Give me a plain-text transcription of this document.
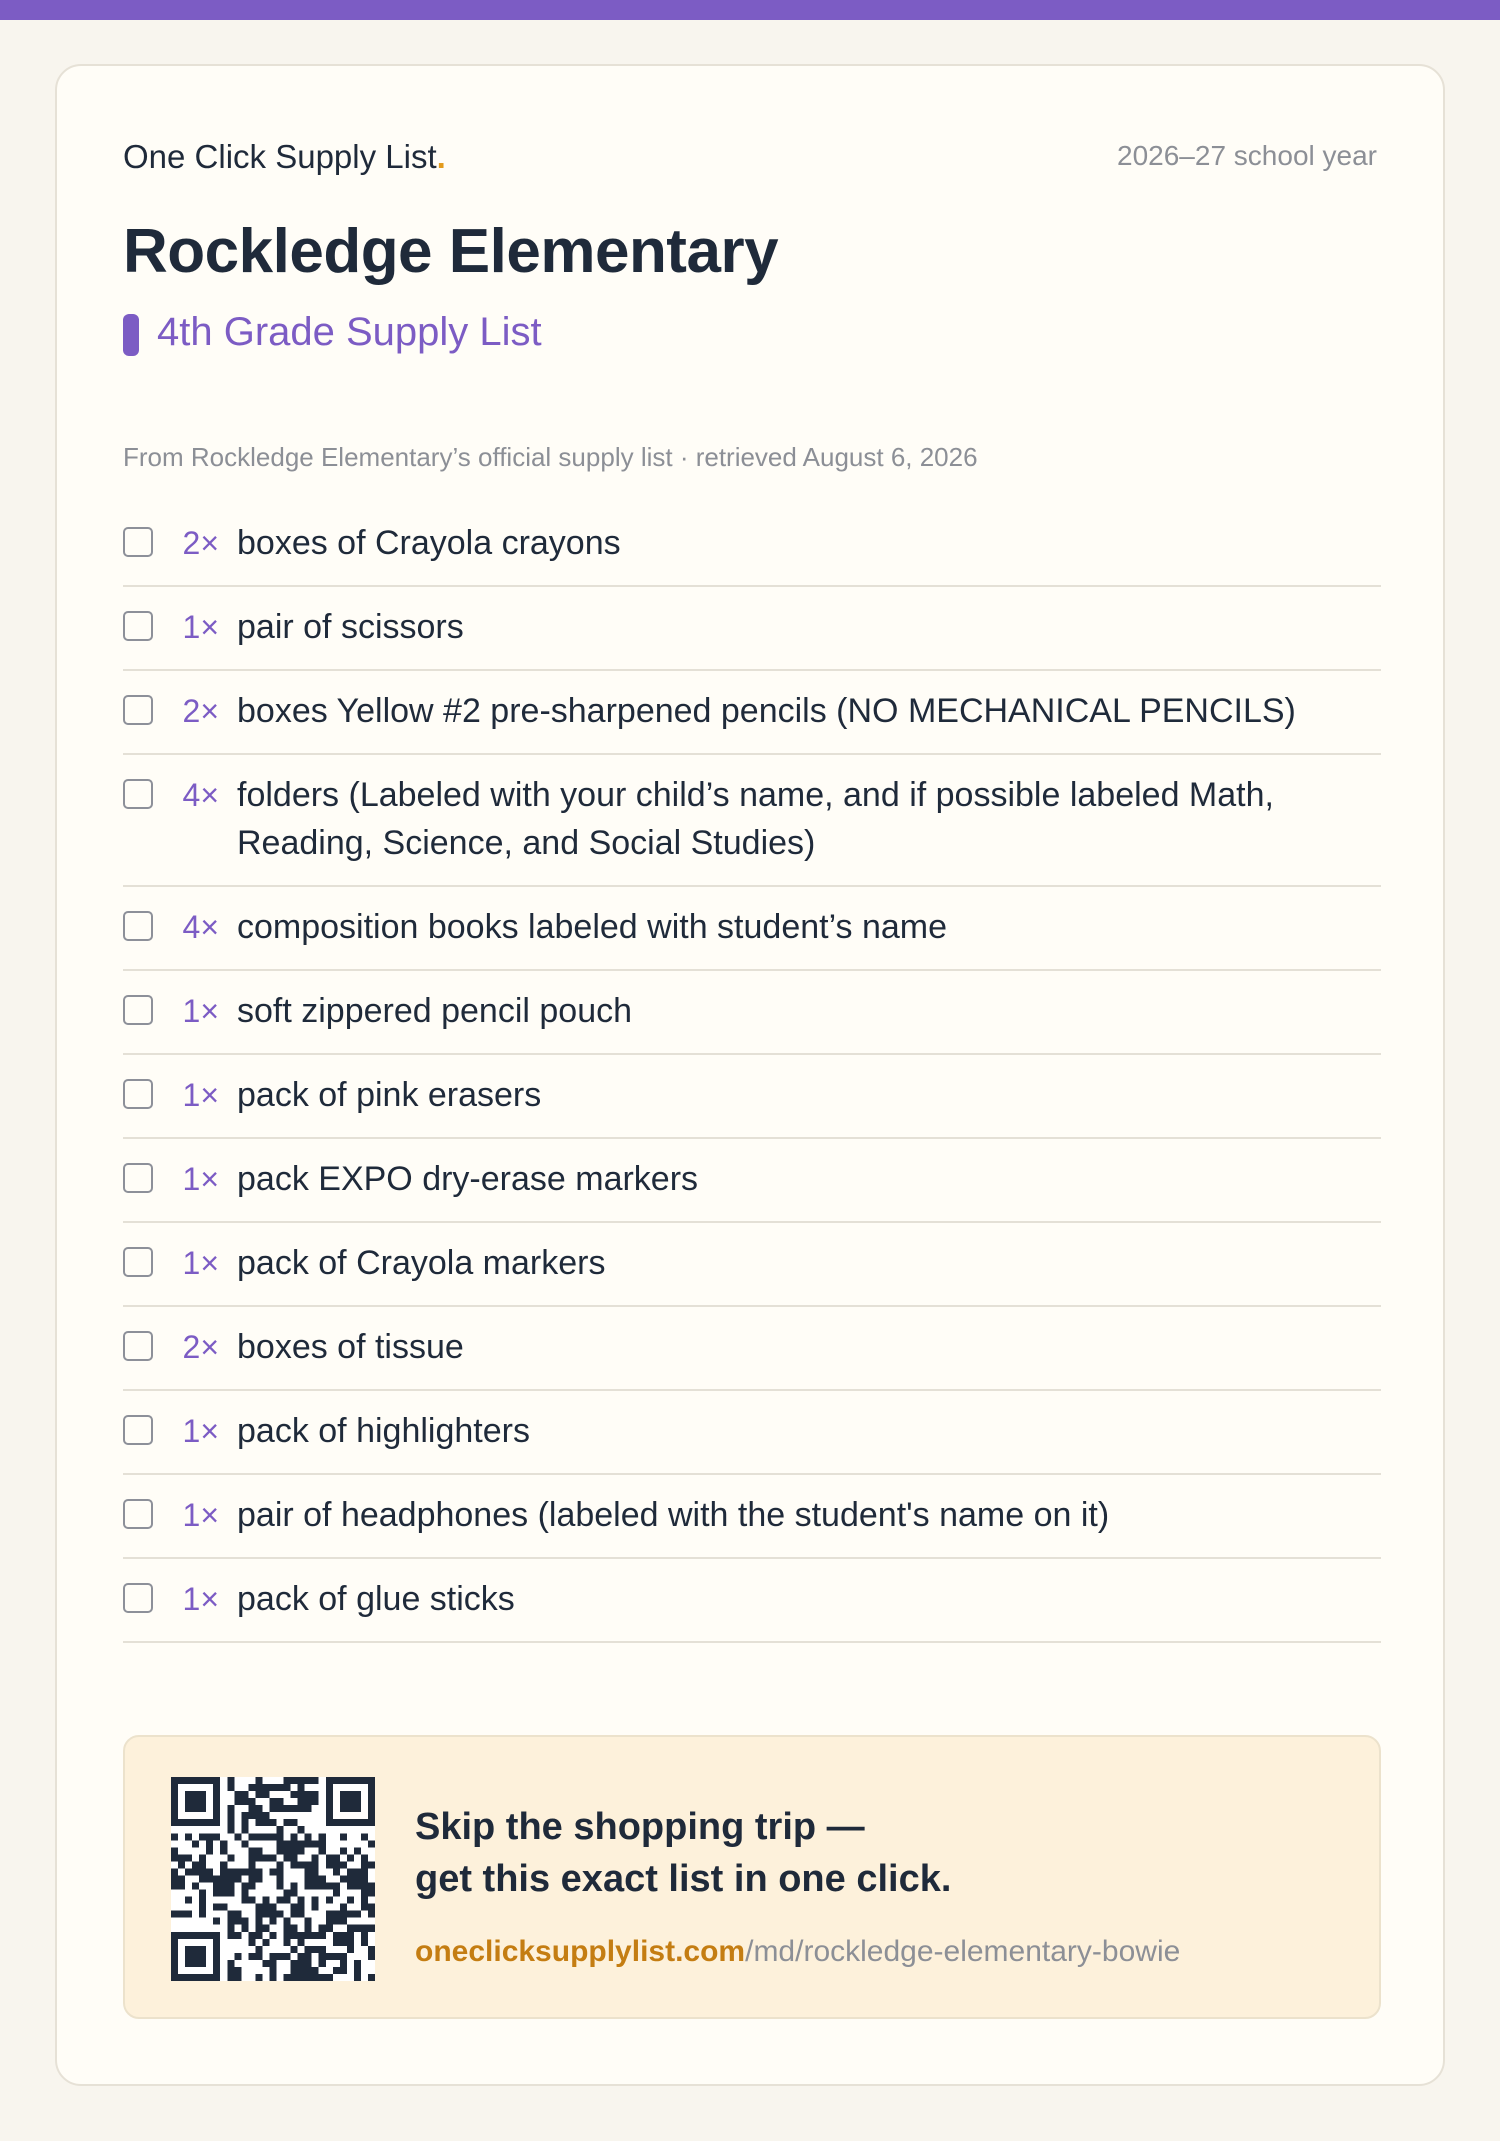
One Click Supply List.	2026–27 school year
Rockledge Elementary
4th Grade Supply List
From Rockledge Elementary’s official supply list · retrieved August 6, 2026
2× boxes of Crayola crayons
1× pair of scissors
2× boxes Yellow #2 pre-sharpened pencils (NO MECHANICAL PENCILS)
4× folders (Labeled with your child’s name, and if possible labeled Math, Reading, Science, and Social Studies)
4× composition books labeled with student’s name
1× soft zippered pencil pouch
1× pack of pink erasers
1× pack EXPO dry-erase markers
1× pack of Crayola markers
2× boxes of tissue
1× pack of highlighters
1× pair of headphones (labeled with the student's name on it)
1× pack of glue sticks
Skip the shopping trip —
get this exact list in one click.
oneclicksupplylist.com/md/rockledge-elementary-bowie
